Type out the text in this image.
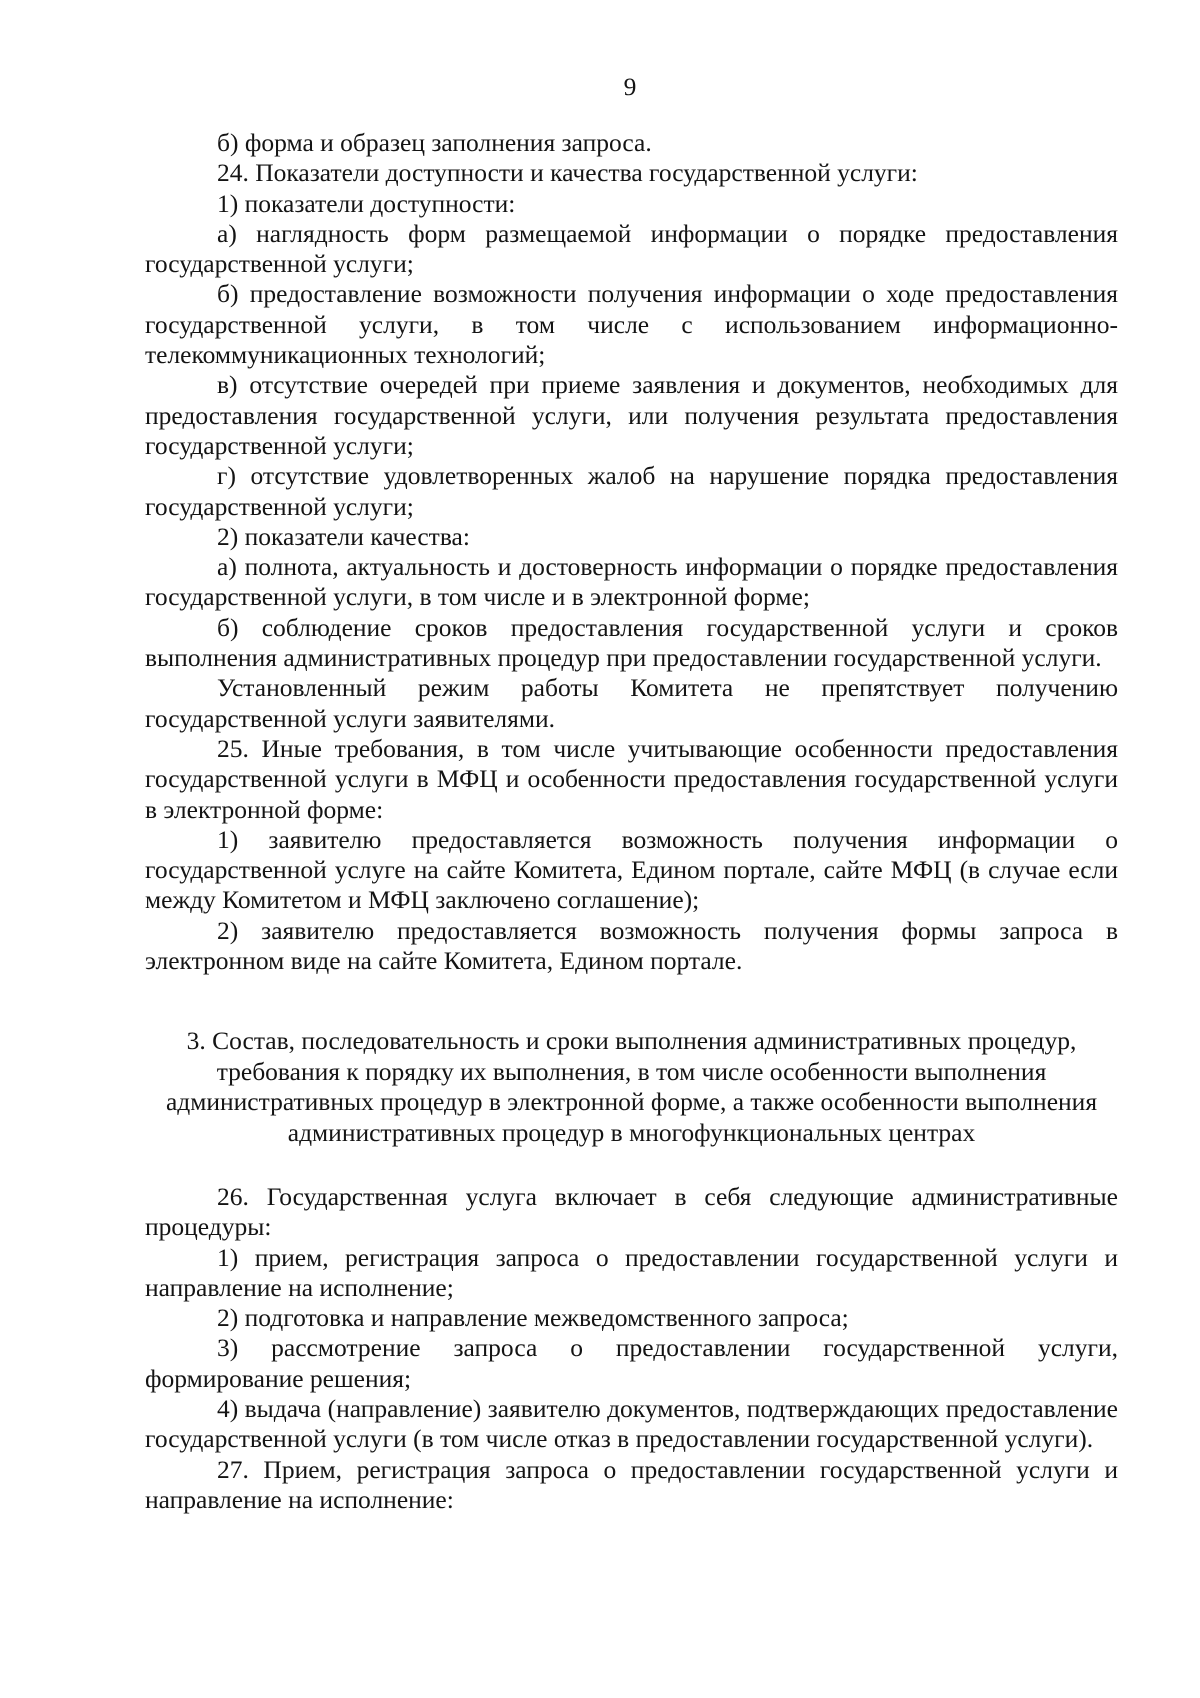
9

б) форма и образец заполнения запроса.

24. Показатели доступности и качества государственной услуги:

1) показатели доступности:

а) наглядность форм размещаемой информации о порядке предоставления государственной услуги;

б) предоставление возможности получения информации о ходе предоставления государственной услуги, в том числе с использованием информационно-телекоммуникационных технологий;

в) отсутствие очередей при приеме заявления и документов, необходимых для предоставления государственной услуги, или получения результата предоставления государственной услуги;

г) отсутствие удовлетворенных жалоб на нарушение порядка предоставления государственной услуги;

2) показатели качества:

а) полнота, актуальность и достоверность информации о порядке предоставления государственной услуги, в том числе и в электронной форме;

б) соблюдение сроков предоставления государственной услуги и сроков выполнения административных процедур при предоставлении государственной услуги.

Установленный режим работы Комитета не препятствует получению государственной услуги заявителями.

25. Иные требования, в том числе учитывающие особенности предоставления государственной услуги в МФЦ и особенности предоставления государственной услуги в электронной форме:

1) заявителю предоставляется возможность получения информации о государственной услуге на сайте Комитета, Едином портале, сайте МФЦ (в случае если между Комитетом и МФЦ заключено соглашение);

2) заявителю предоставляется возможность получения формы запроса в электронном виде на сайте Комитета, Едином портале.

3. Состав, последовательность и сроки выполнения административных процедур,
требования к порядку их выполнения, в том числе особенности выполнения
административных процедур в электронной форме, а также особенности выполнения
административных процедур в многофункциональных центрах

26. Государственная услуга включает в себя следующие административные процедуры:

1) прием, регистрация запроса о предоставлении государственной услуги и направление на исполнение;

2) подготовка и направление межведомственного запроса;

3) рассмотрение запроса о предоставлении государственной услуги, формирование решения;

4) выдача (направление) заявителю документов, подтверждающих предоставление государственной услуги (в том числе отказ в предоставлении государственной услуги).

27. Прием, регистрация запроса о предоставлении государственной услуги и направление на исполнение:
